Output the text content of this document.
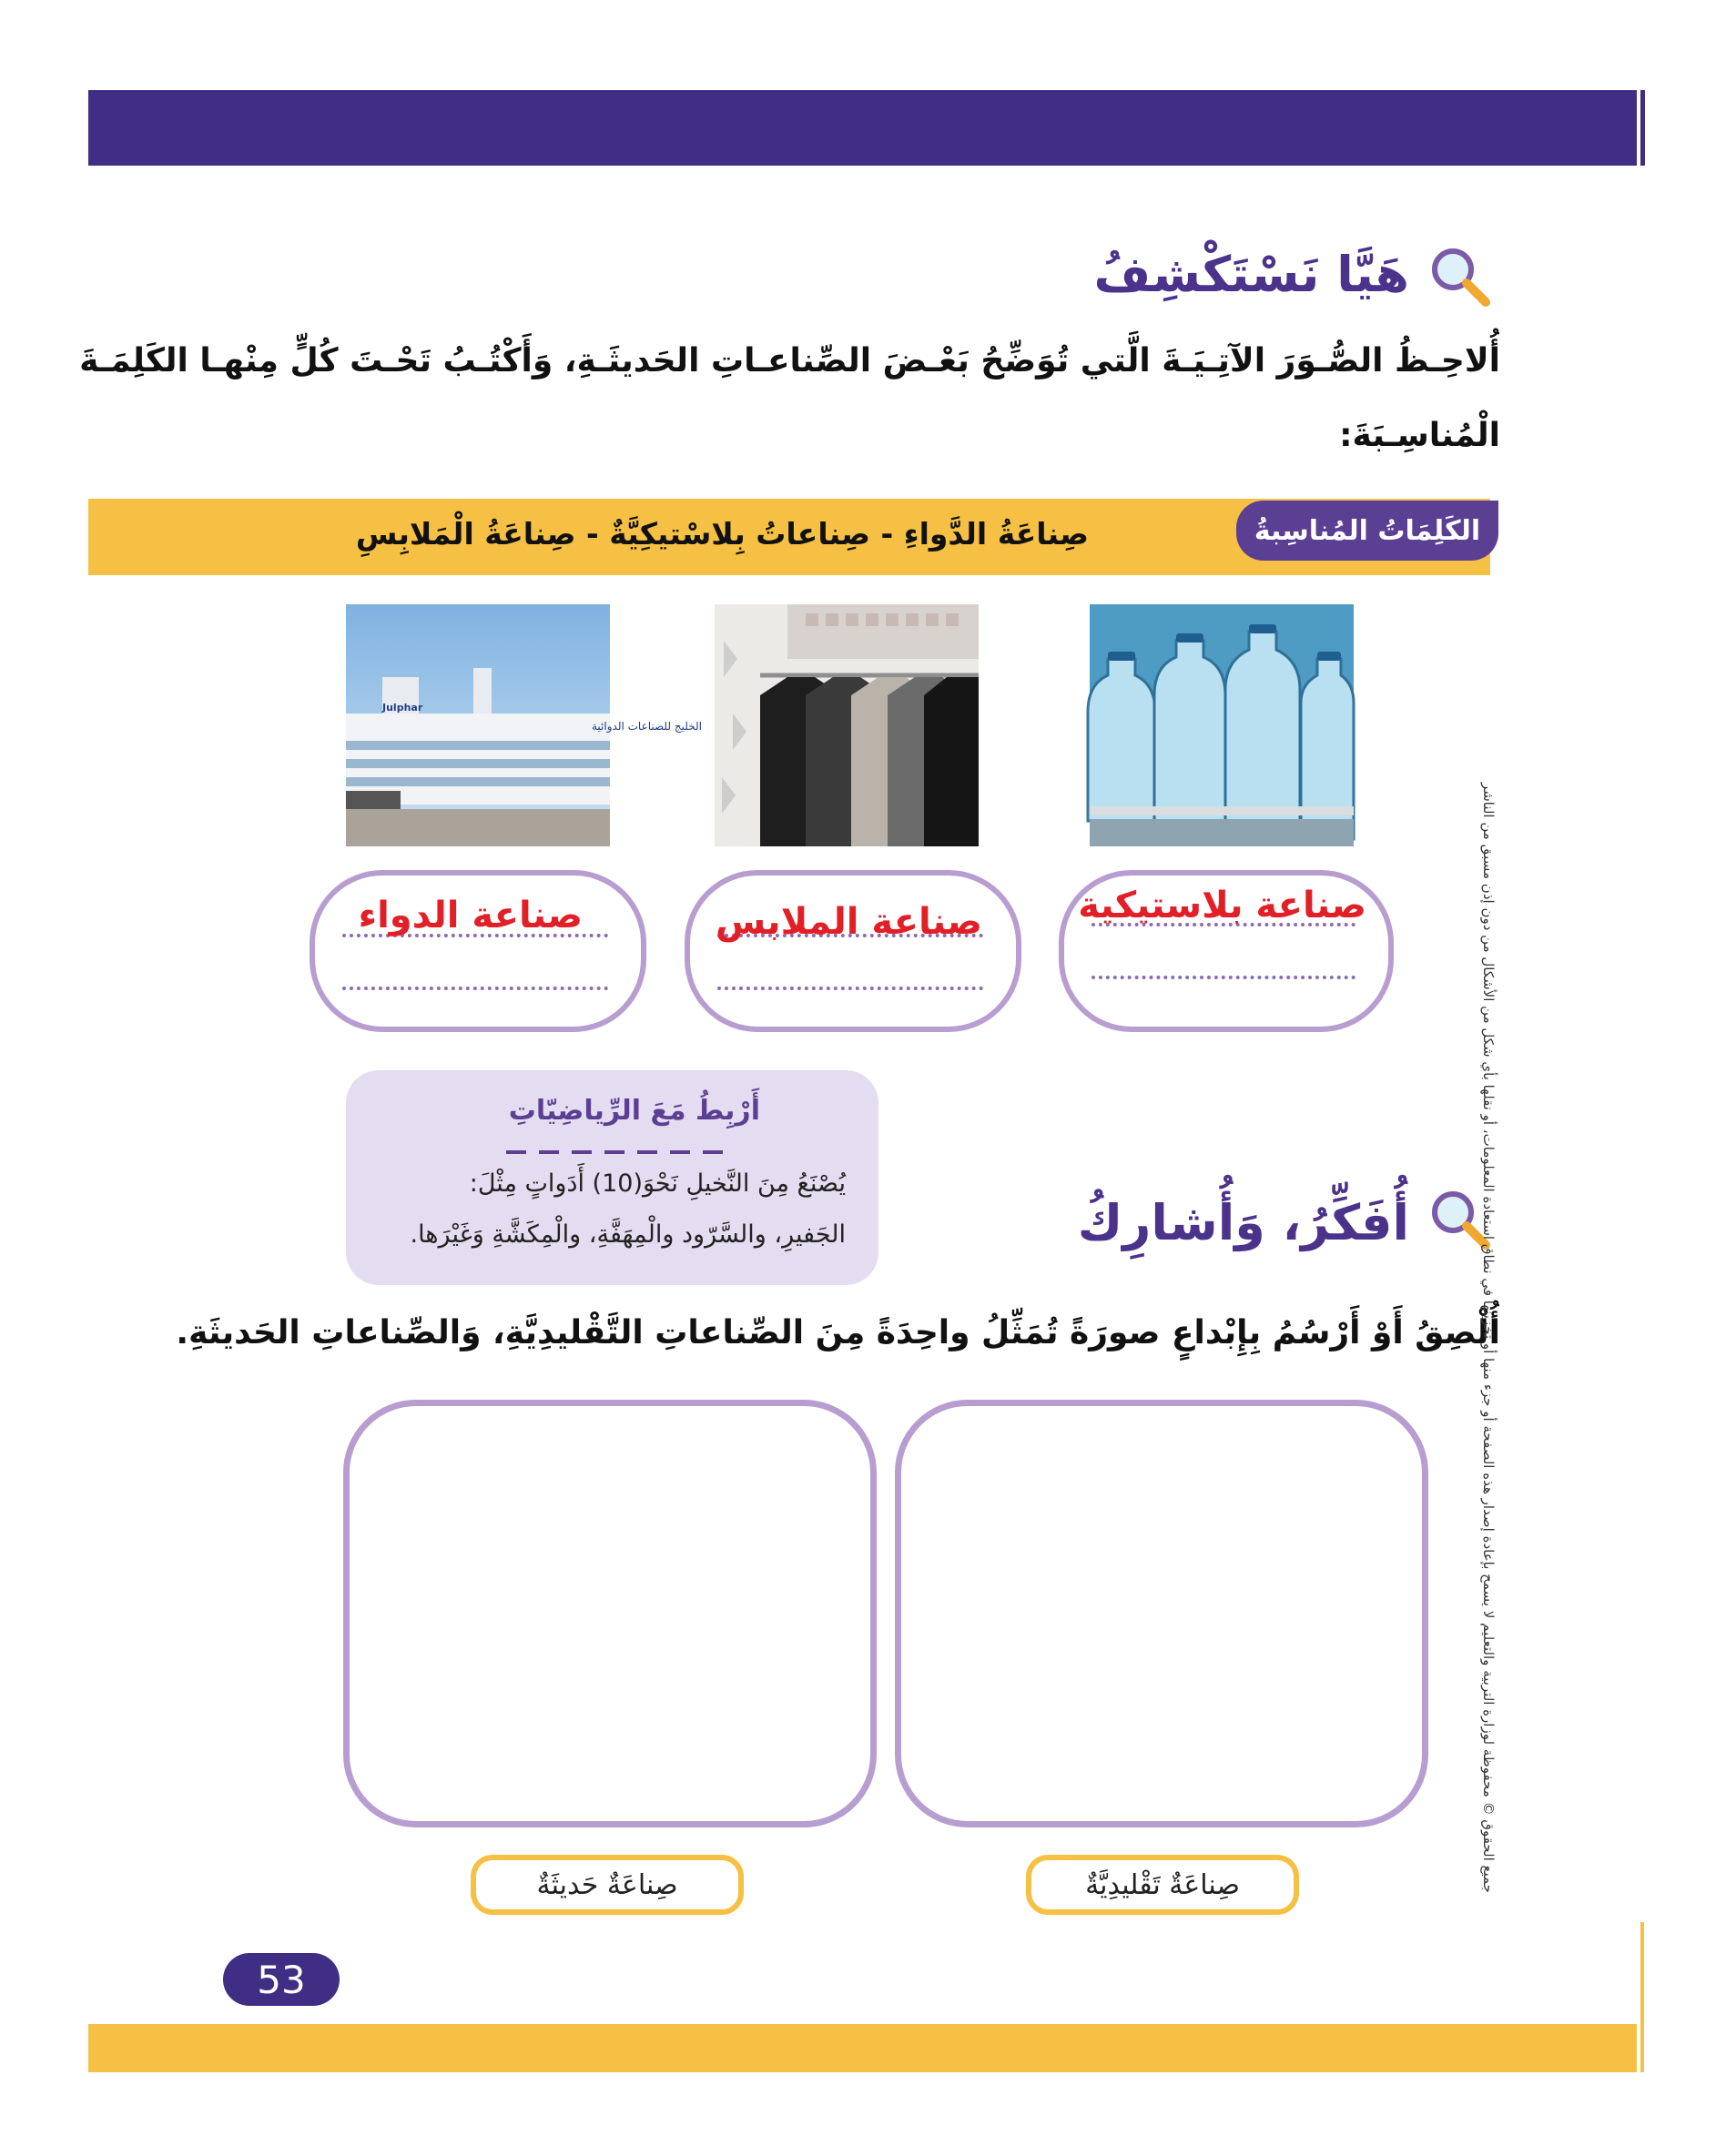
هَيَّا نَسْتَكْشِفُ
أُلاحِـظُ الصُّـوَرَ الآتِـيَـةَ الَّتي تُوَضِّحُ بَعْـضَ الصِّناعـاتِ الحَديثَـةِ، وَأَكْتُـبُ تَحْـتَ كُلٍّ مِنْهـا الكَلِمَـةَ
الْمُناسِـبَةَ:
الكَلِمَاتُ المُناسِبةُ
صِناعَةُ الدَّواءِ - صِناعاتُ بِلاسْتيكِيَّةٌ - صِناعَةُ الْمَلابِسِ
Julphar
الخليج للصناعات الدوائية
صناعة بلاستيكية
صناعة الملابس
صناعة الدواء
أَرْبِطُ مَعَ الرِّياضِيّاتِ
يُصْنَعُ مِنَ النَّخيلِ نَحْوَ(10) أَدَواتٍ مِثْلَ:
الجَفيرِ، والسَّرّود والْمِهَفَّةِ، والْمِكَشَّةِ وَغَيْرَها.	أُفَكِّرُ، وَأُشارِكُ
أُلْصِقُ أَوْ أَرْسُمُ بِإِبْداعٍ صورَةً تُمَثِّلُ واحِدَةً مِنَ الصِّناعاتِ التَّقْليدِيَّةِ، وَالصِّناعاتِ الحَديثَةِ.
صِناعَةٌ تَقْليدِيَّةٌ
صِناعَةٌ حَديثَةٌ	جميع الحقوق © محفوظة لوزارة التربية والتعليم لا يسمح بإعادة إصدار هذه الصفحة أو جزء منها أو تخزينها في نطاق استعادة المعلومات، أو نقلها بأي شكل من الأشكال من دون إذن مسبق من الناشر
53
